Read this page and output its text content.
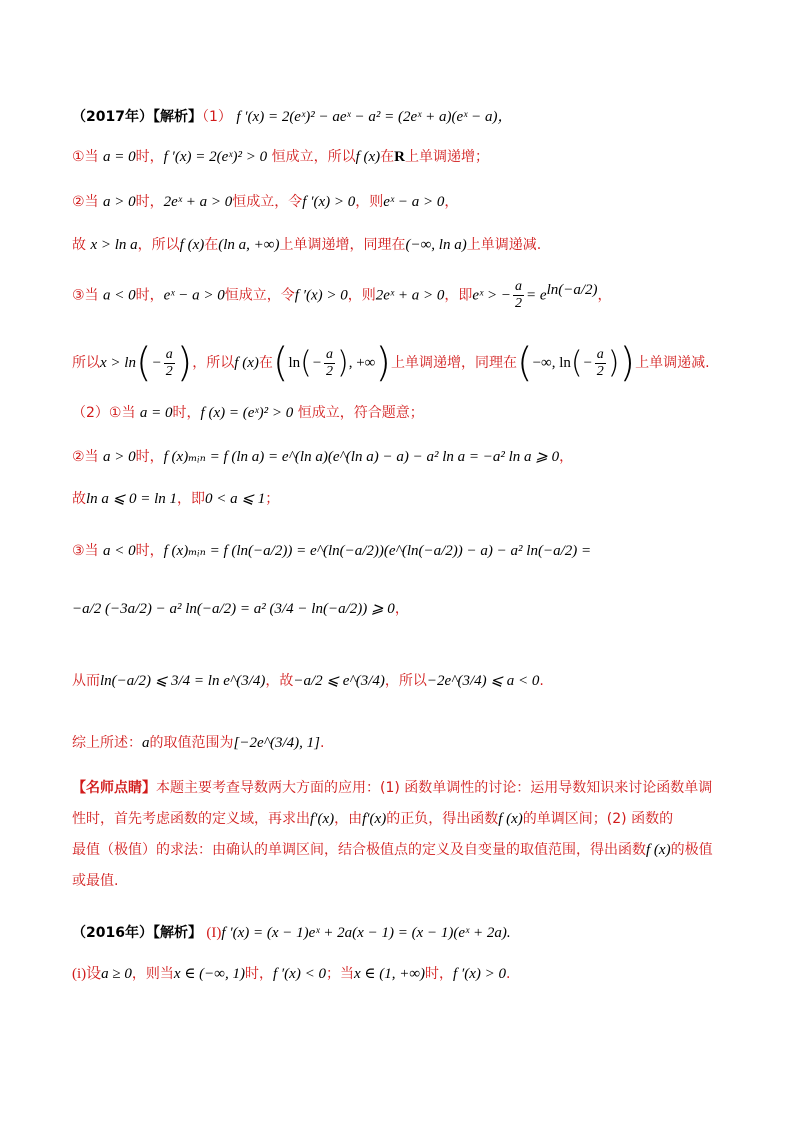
（2017年）【解析】（1） f ′(x) = 2(eˣ)² − aeˣ − a² = (2eˣ + a)(eˣ − a)，
①当 a = 0时，f ′(x) = 2(eˣ)² > 0 恒成立，所以f (x)在R上单调递增；
②当 a > 0时，2eˣ + a > 0恒成立，令f ′(x) > 0，则eˣ − a > 0，
故 x > ln a，所以f (x)在(ln a, +∞)上单调递增，同理在(−∞, ln a)上单调递减.
③当 a < 0时，eˣ − a > 0恒成立，令f ′(x) > 0，则2eˣ + a > 0，即eˣ > − $\frac{a}{2} = e^{ln(-a/2)}$，
所以$x > \ln(- \frac{a}{2}$ )，所以f (x)在($\ln(- \frac{a}{2}$ ), +∞)上单调递增，同理在(−∞, $\ln(- \frac{a}{2}$ ))上单调递减.
（2）①当 a = 0时，f (x) = (eˣ)² > 0 恒成立，符合题意；
②当 a > 0时，f (x)ₘᵢₙ = f (ln a) = e^(ln a)(e^(ln a) − a) − a² ln a = −a² ln a ⩾ 0，
故ln a ⩽ 0 = ln 1，即0 < a ⩽ 1；
③当 a < 0时，f (x)ₘᵢₙ = f (ln(−a/2)) = e^(ln(−a/2))(e^(ln(−a/2)) − a) − a² ln(−a/2) =
−a/2 (−3a/2) − a² ln(−a/2) = a² (3/4 − ln(−a/2)) ⩾ 0，
从而ln(−a/2) ⩽ 3/4 = ln e^(3/4)，故−a/2 ⩽ e^(3/4)，所以−2e^(3/4) ⩽ a < 0.
综上所述：a的取值范围为[−2e^(3/4), 1].
【名师点睛】本题主要考查导数两大方面的应用：(1) 函数单调性的讨论：运用导数知识来讨论函数单调
性时，首先考虑函数的定义域，再求出f′(x)，由f′(x)的正负，得出函数f (x)的单调区间；(2) 函数的
最值（极值）的求法：由确认的单调区间，结合极值点的定义及自变量的取值范围，得出函数f (x)的极值
或最值.
（2016年）【解析】 (I)f ′(x) = (x − 1)eˣ + 2a(x − 1) = (x − 1)(eˣ + 2a).
(i)设a ≥ 0，则当x ∈ (−∞, 1)时，f ′(x) < 0；当x ∈ (1, +∞)时，f ′(x) > 0.
